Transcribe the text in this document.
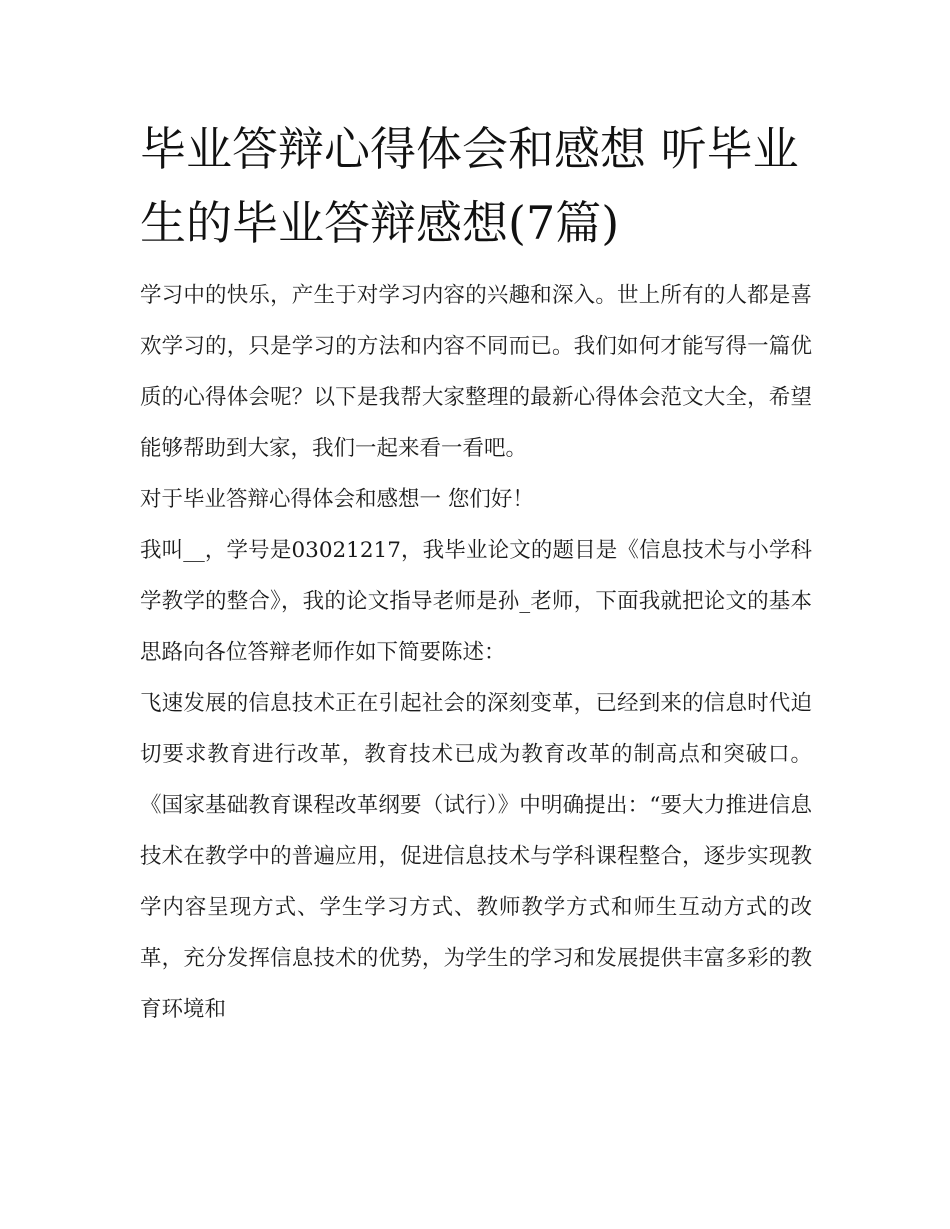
毕业答辩心得体会和感想 听毕业生的毕业答辩感想(7篇)

学习中的快乐，产生于对学习内容的兴趣和深入。世上所有的人都是喜欢学习的，只是学习的方法和内容不同而已。我们如何才能写得一篇优质的心得体会呢？以下是我帮大家整理的最新心得体会范文大全，希望能够帮助到大家，我们一起来看一看吧。

对于毕业答辩心得体会和感想一 您们好！

我叫__，学号是03021217，我毕业论文的题目是《信息技术与小学科学教学的整合》，我的论文指导老师是孙_老师，下面我就把论文的基本思路向各位答辩老师作如下简要陈述：

飞速发展的信息技术正在引起社会的深刻变革，已经到来的信息时代迫切要求教育进行改革，教育技术已成为教育改革的制高点和突破口。《国家基础教育课程改革纲要（试行）》中明确提出：“要大力推进信息技术在教学中的普遍应用，促进信息技术与学科课程整合，逐步实现教学内容呈现方式、学生学习方式、教师教学方式和师生互动方式的改革，充分发挥信息技术的优势，为学生的学习和发展提供丰富多彩的教育环境和
